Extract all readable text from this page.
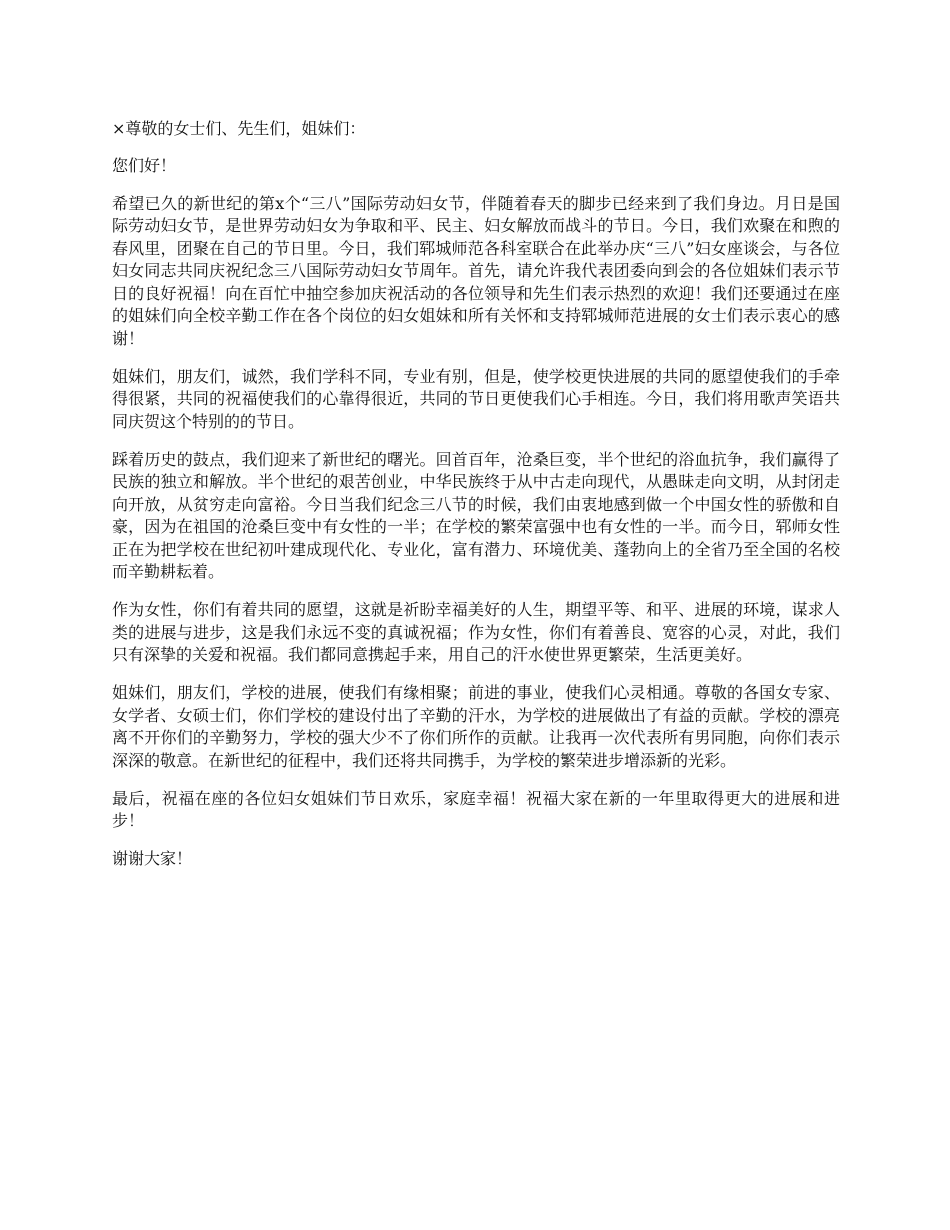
×尊敬的女士们、先生们，姐妹们：

您们好！

希望已久的新世纪的第x个“三八”国际劳动妇女节，伴随着春天的脚步已经来到了我们身边。月日是国际劳动妇女节，是世界劳动妇女为争取和平、民主、妇女解放而战斗的节日。今日，我们欢聚在和煦的春风里，团聚在自己的节日里。今日，我们郓城师范各科室联合在此举办庆“三八”妇女座谈会，与各位妇女同志共同庆祝纪念三八国际劳动妇女节周年。首先，请允许我代表团委向到会的各位姐妹们表示节日的良好祝福！向在百忙中抽空参加庆祝活动的各位领导和先生们表示热烈的欢迎！我们还要通过在座的姐妹们向全校辛勤工作在各个岗位的妇女姐妹和所有关怀和支持郓城师范进展的女士们表示衷心的感谢！

姐妹们，朋友们，诚然，我们学科不同，专业有别，但是，使学校更快进展的共同的愿望使我们的手牵得很紧，共同的祝福使我们的心靠得很近，共同的节日更使我们心手相连。今日，我们将用歌声笑语共同庆贺这个特别的的节日。

踩着历史的鼓点，我们迎来了新世纪的曙光。回首百年，沧桑巨变，半个世纪的浴血抗争，我们赢得了民族的独立和解放。半个世纪的艰苦创业，中华民族终于从中古走向现代，从愚昧走向文明，从封闭走向开放，从贫穷走向富裕。今日当我们纪念三八节的时候，我们由衷地感到做一个中国女性的骄傲和自豪，因为在祖国的沧桑巨变中有女性的一半；在学校的繁荣富强中也有女性的一半。而今日，郓师女性正在为把学校在世纪初叶建成现代化、专业化，富有潜力、环境优美、蓬勃向上的全省乃至全国的名校而辛勤耕耘着。

作为女性，你们有着共同的愿望，这就是祈盼幸福美好的人生，期望平等、和平、进展的环境，谋求人类的进展与进步，这是我们永远不变的真诚祝福；作为女性，你们有着善良、宽容的心灵，对此，我们只有深挚的关爱和祝福。我们都同意携起手来，用自己的汗水使世界更繁荣，生活更美好。

姐妹们，朋友们，学校的进展，使我们有缘相聚；前进的事业，使我们心灵相通。尊敬的各国女专家、女学者、女硕士们，你们学校的建设付出了辛勤的汗水，为学校的进展做出了有益的贡献。学校的漂亮离不开你们的辛勤努力，学校的强大少不了你们所作的贡献。让我再一次代表所有男同胞，向你们表示深深的敬意。在新世纪的征程中，我们还将共同携手，为学校的繁荣进步增添新的光彩。

最后，祝福在座的各位妇女姐妹们节日欢乐，家庭幸福！祝福大家在新的一年里取得更大的进展和进步！

谢谢大家！
